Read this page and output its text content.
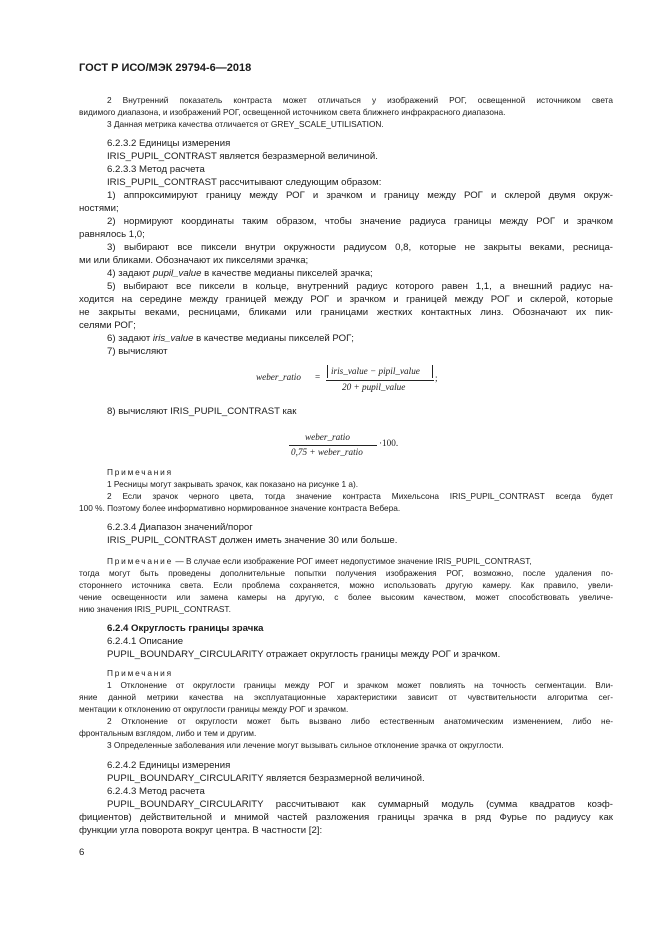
ГОСТ Р ИСО/МЭК 29794-6—2018
2 Внутренний показатель контраста может отличаться у изображений РОГ, освещенной источником света
видимого диапазона, и изображений РОГ, освещенной источником света ближнего инфракрасного диапазона.
3 Данная метрика качества отличается от GREY_SCALE_UTILISATION.
6.2.3.2 Единицы измерения
IRIS_PUPIL_CONTRAST является безразмерной величиной.
6.2.3.3 Метод расчета
IRIS_PUPIL_CONTRAST рассчитывают следующим образом:
1) аппроксимируют границу между РОГ и зрачком и границу между РОГ и склерой двумя окруж-
ностями;
2) нормируют координаты таким образом, чтобы значение радиуса границы между РОГ и зрачком
равнялось 1,0;
3) выбирают все пиксели внутри окружности радиусом 0,8, которые не закрыты веками, ресница-
ми или бликами. Обозначают их пикселями зрачка;
4) задают pupil_value в качестве медианы пикселей зрачка;
5) выбирают все пиксели в кольце, внутренний радиус которого равен 1,1, а внешний радиус на-
ходится на середине между границей между РОГ и зрачком и границей между РОГ и склерой, которые
не закрыты веками, ресницами, бликами или границами жестких контактных линз. Обозначают их пик-
селями РОГ;
6) задают iris_value в качестве медианы пикселей РОГ;
7) вычисляют
weber_ratio =
iris_value − pipil_value
20 + pupil_value
;
8) вычисляют IRIS_PUPIL_CONTRAST как
weber_ratio
0,75 + weber_ratio
·100.
Примечания
1 Ресницы могут закрывать зрачок, как показано на рисунке 1 а).
2 Если зрачок черного цвета, тогда значение контраста Михельсона IRIS_PUPIL_CONTRAST всегда будет
100 %. Поэтому более информативно нормированное значение контраста Вебера.
6.2.3.4 Диапазон значений/порог
IRIS_PUPIL_CONTRAST должен иметь значение 30 или больше.
Примечание — В случае если изображение РОГ имеет недопустимое значение IRIS_PUPIL_CONTRAST,
тогда могут быть проведены дополнительные попытки получения изображения РОГ, возможно, после удаления по-
стороннего источника света. Если проблема сохраняется, можно использовать другую камеру. Как правило, увели-
чение освещенности или замена камеры на другую, с более высоким качеством, может способствовать увеличе-
нию значения IRIS_PUPIL_CONTRAST.
6.2.4 Округлость границы зрачка
6.2.4.1 Описание
PUPIL_BOUNDARY_CIRCULARITY отражает округлость границы между РОГ и зрачком.
Примечания
1 Отклонение от округлости границы между РОГ и зрачком может повлиять на точность сегментации. Вли-
яние данной метрики качества на эксплуатационные характеристики зависит от чувствительности алгоритма сег-
ментации к отклонению от округлости границы между РОГ и зрачком.
2 Отклонение от округлости может быть вызвано либо естественным анатомическим изменением, либо не-
фронтальным взглядом, либо и тем и другим.
3 Определенные заболевания или лечение могут вызывать сильное отклонение зрачка от округлости.
6.2.4.2 Единицы измерения
PUPIL_BOUNDARY_CIRCULARITY является безразмерной величиной.
6.2.4.3 Метод расчета
PUPIL_BOUNDARY_CIRCULARITY рассчитывают как суммарный модуль (сумма квадратов коэф-
фициентов) действительной и мнимой частей разложения границы зрачка в ряд Фурье по радиусу как
функции угла поворота вокруг центра. В частности [2]:
6
